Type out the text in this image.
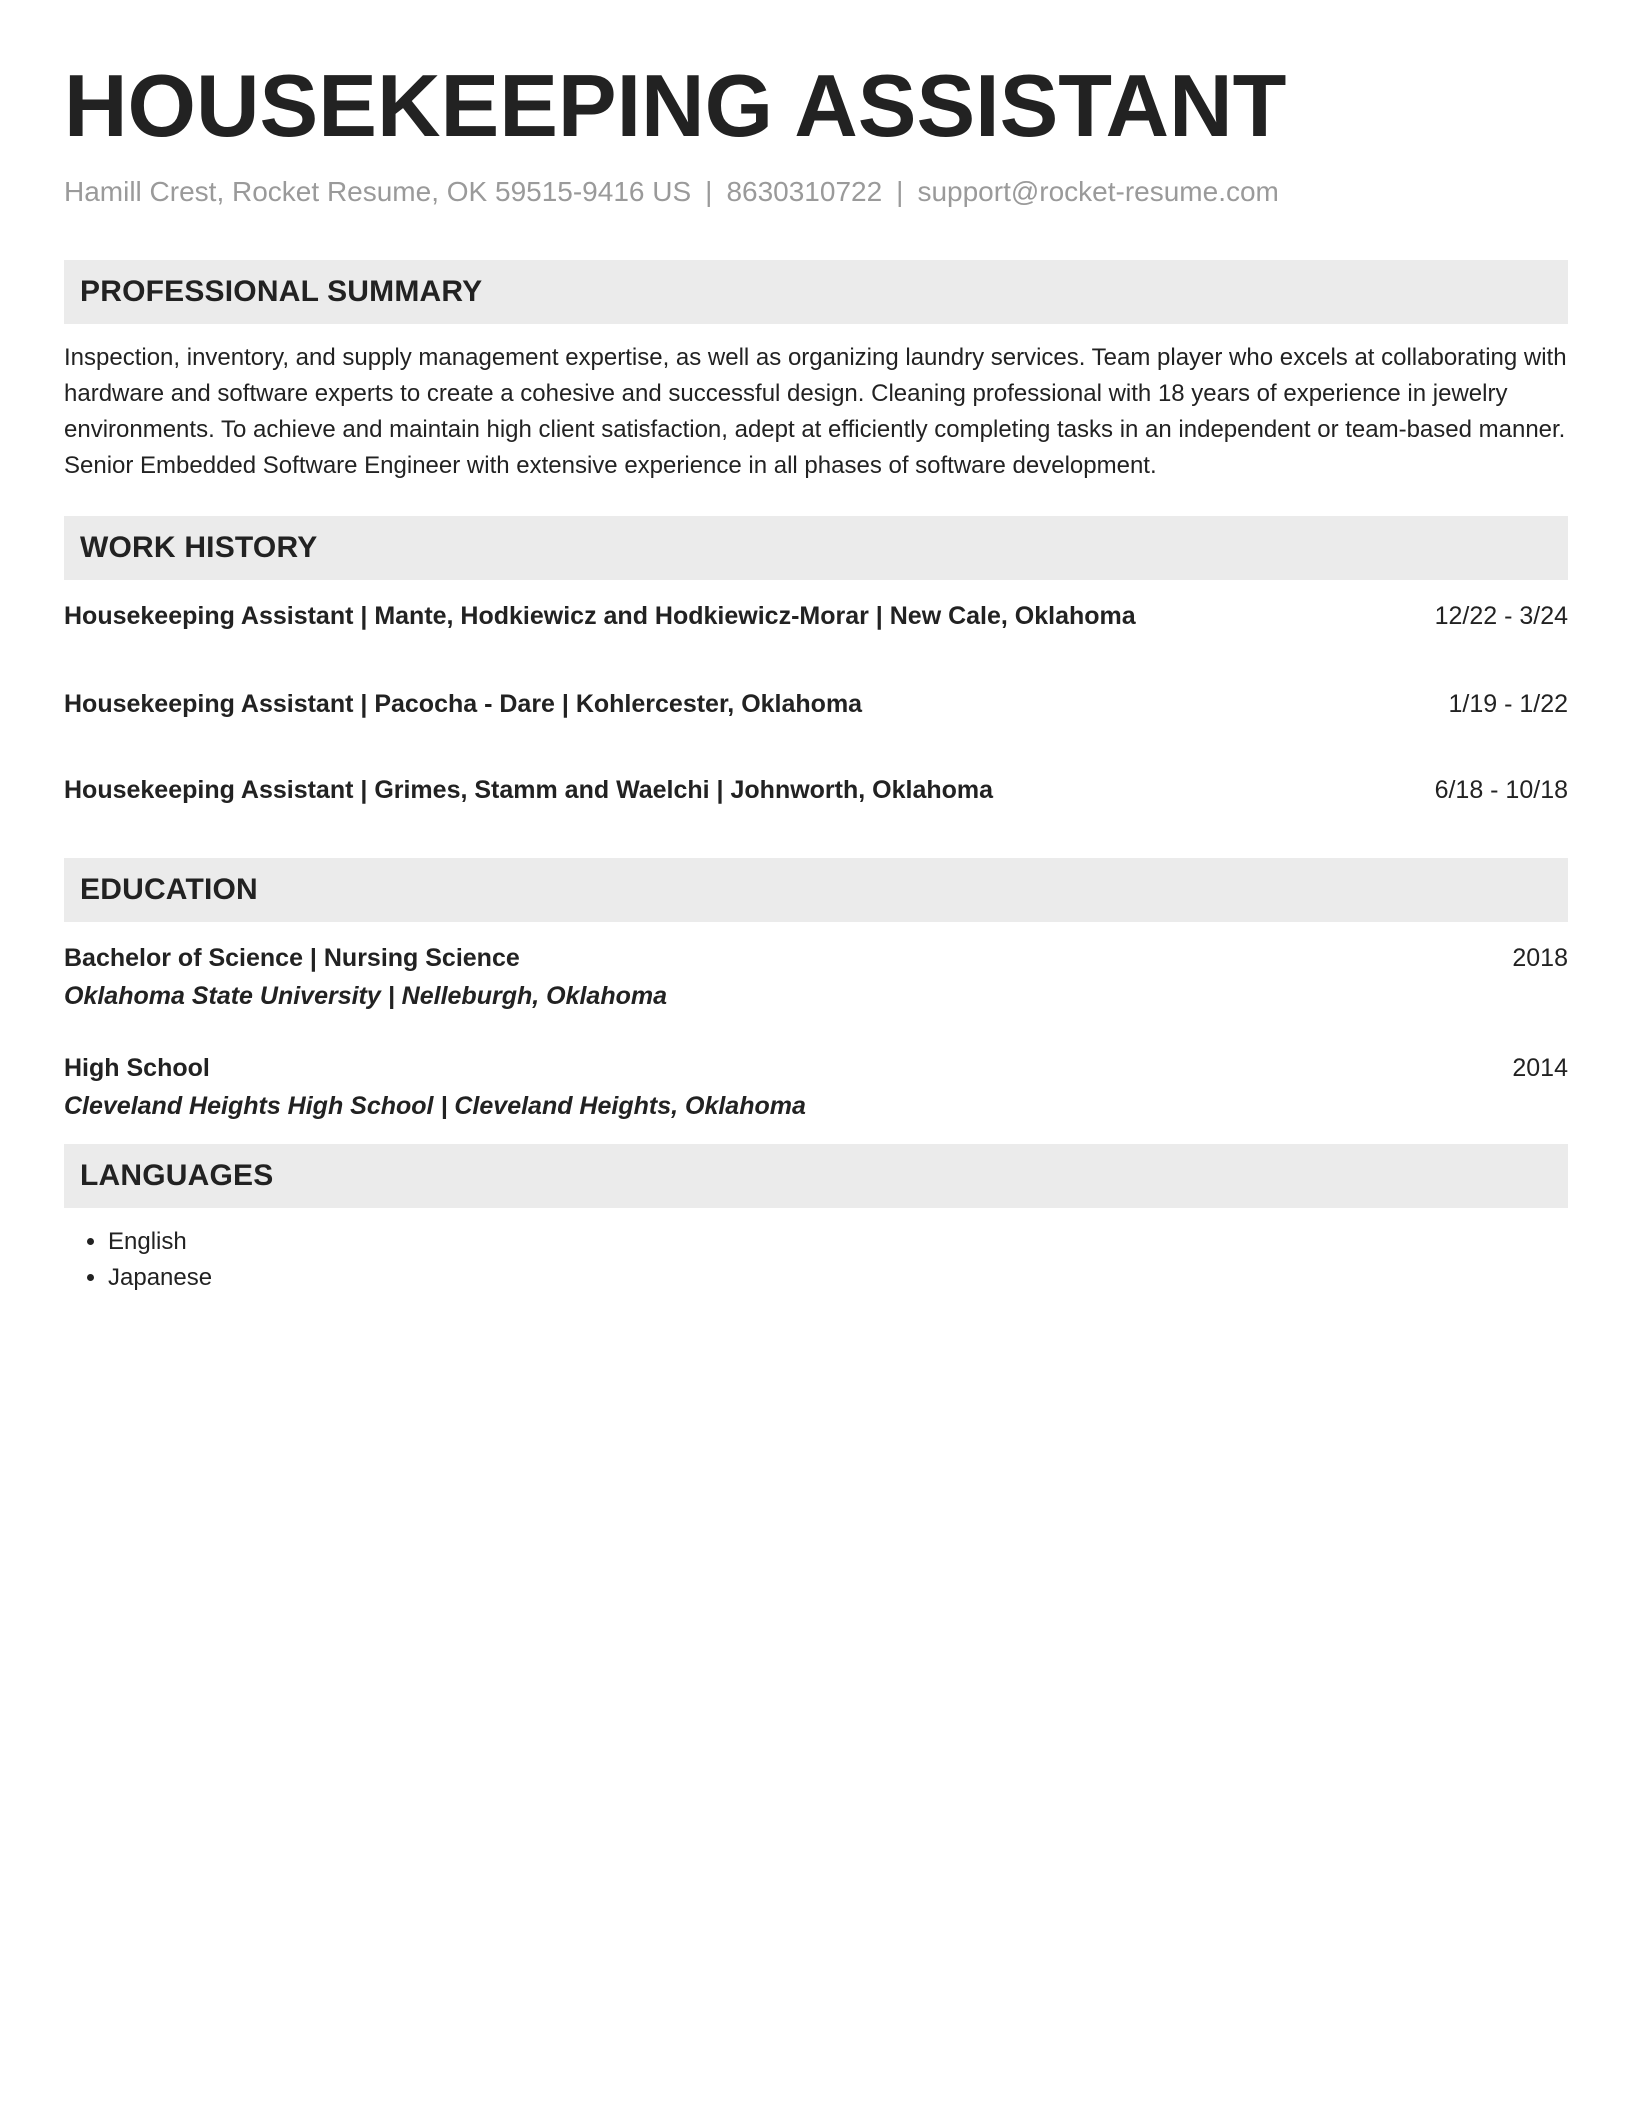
HOUSEKEEPING ASSISTANT
Hamill Crest, Rocket Resume, OK 59515-9416 US | 8630310722 | support@rocket-resume.com
PROFESSIONAL SUMMARY
Inspection, inventory, and supply management expertise, as well as organizing laundry services. Team player who excels at collaborating with hardware and software experts to create a cohesive and successful design. Cleaning professional with 18 years of experience in jewelry environments. To achieve and maintain high client satisfaction, adept at efficiently completing tasks in an independent or team-based manner. Senior Embedded Software Engineer with extensive experience in all phases of software development.
WORK HISTORY
Housekeeping Assistant | Mante, Hodkiewicz and Hodkiewicz-Morar | New Cale, Oklahoma	12/22 - 3/24
Housekeeping Assistant | Pacocha - Dare | Kohlercester, Oklahoma	1/19 - 1/22
Housekeeping Assistant | Grimes, Stamm and Waelchi | Johnworth, Oklahoma	6/18 - 10/18
EDUCATION
Bachelor of Science | Nursing Science	2018
Oklahoma State University | Nelleburgh, Oklahoma
High School	2014
Cleveland Heights High School | Cleveland Heights, Oklahoma
LANGUAGES
• English
• Japanese
